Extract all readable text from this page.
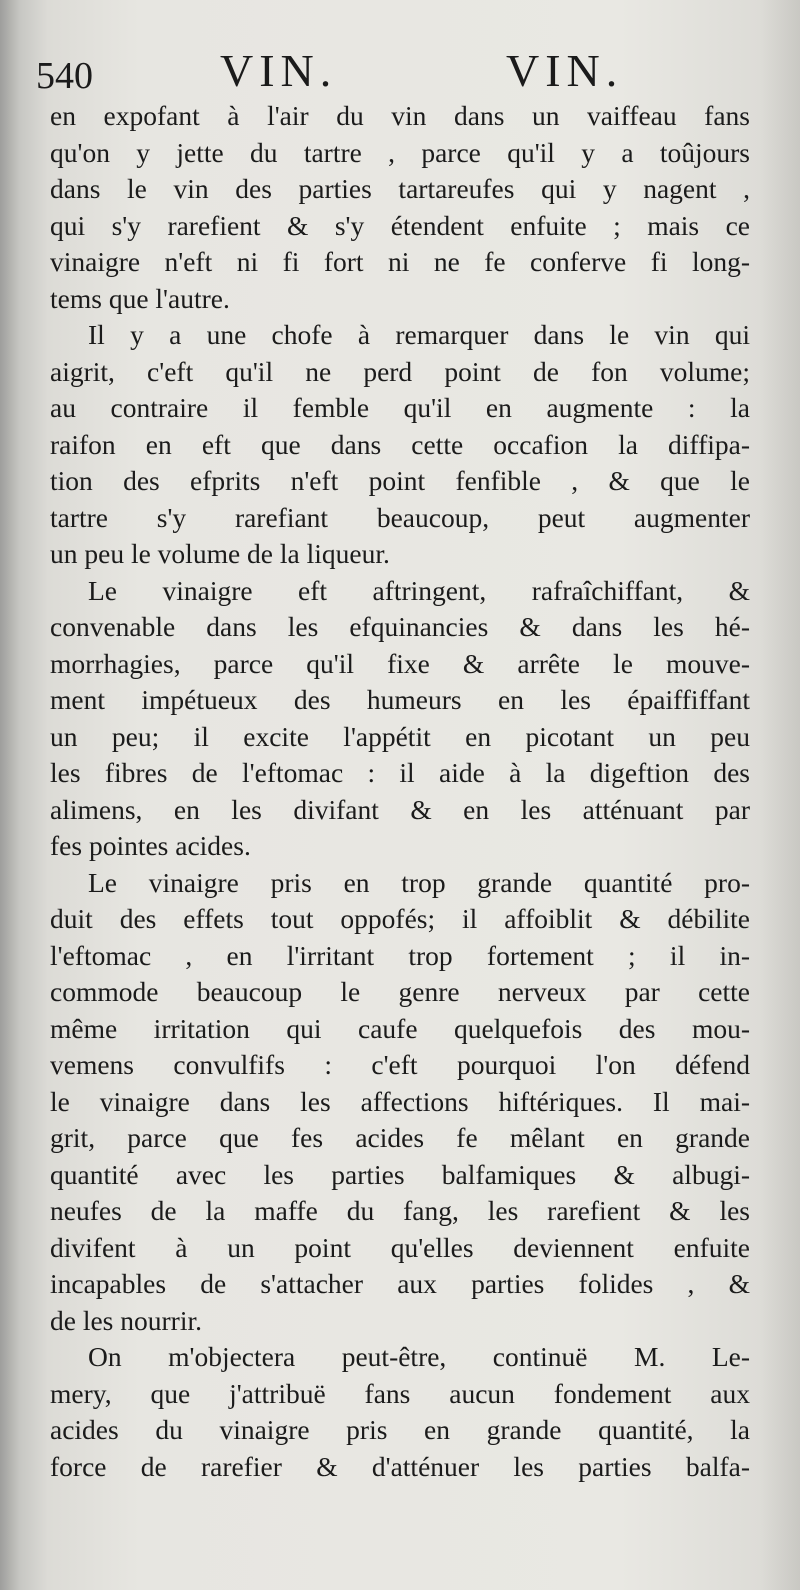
540	VIN.	VIN.
en expofant à l'air du vin dans un vaiffeau fans
qu'on y jette du tartre , parce qu'il y a toûjours
dans le vin des parties tartareufes qui y nagent ,
qui s'y rarefient & s'y étendent enfuite ; mais ce
vinaigre n'eft ni fi fort ni ne fe conferve fi long-
tems que l'autre.
Il y a une chofe à remarquer dans le vin qui
aigrit, c'eft qu'il ne perd point de fon volume;
au contraire il femble qu'il en augmente : la
raifon en eft que dans cette occafion la diffipa-
tion des efprits n'eft point fenfible , & que le
tartre s'y rarefiant beaucoup, peut augmenter
un peu le volume de la liqueur.
Le vinaigre eft aftringent, rafraîchiffant, &
convenable dans les efquinancies & dans les hé-
morrhagies, parce qu'il fixe & arrête le mouve-
ment impétueux des humeurs en les épaiffiffant
un peu; il excite l'appétit en picotant un peu
les fibres de l'eftomac : il aide à la digeftion des
alimens, en les divifant & en les atténuant par
fes pointes acides.
Le vinaigre pris en trop grande quantité pro-
duit des effets tout oppofés; il affoiblit & débilite
l'eftomac , en l'irritant trop fortement ; il in-
commode beaucoup le genre nerveux par cette
même irritation qui caufe quelquefois des mou-
vemens convulfifs : c'eft pourquoi l'on défend
le vinaigre dans les affections hiftériques. Il mai-
grit, parce que fes acides fe mêlant en grande
quantité avec les parties balfamiques & albugi-
neufes de la maffe du fang, les rarefient & les
divifent à un point qu'elles deviennent enfuite
incapables de s'attacher aux parties folides , &
de les nourrir.
On m'objectera peut-être, continuë M. Le-
mery, que j'attribuë fans aucun fondement aux
acides du vinaigre pris en grande quantité, la
force de rarefier & d'atténuer les parties balfa-
